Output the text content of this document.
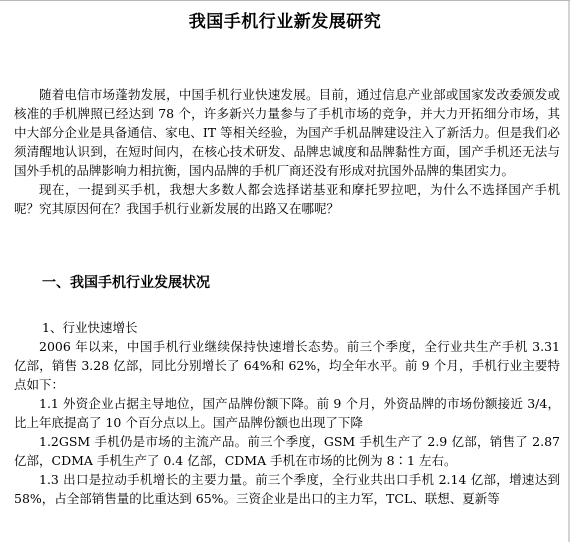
我国手机行业新发展研究

随着电信市场蓬勃发展，中国手机行业快速发展。目前，通过信息产业部或国家发改委颁发或核准的手机牌照已经达到 78 个，许多新兴力量参与了手机市场的竞争，并大力开拓细分市场，其中大部分企业是具备通信、家电、IT 等相关经验，为国产手机品牌建设注入了新活力。但是我们必须清醒地认识到，在短时间内，在核心技术研发、品牌忠诚度和品牌黏性方面，国产手机还无法与国外手机的品牌影响力相抗衡，国内品牌的手机厂商还没有形成对抗国外品牌的集团实力。

现在，一提到买手机，我想大多数人都会选择诺基亚和摩托罗拉吧，为什么不选择国产手机呢？究其原因何在？我国手机行业新发展的出路又在哪呢？

一、我国手机行业发展状况
1、行业快速增长

2006 年以来，中国手机行业继续保持快速增长态势。前三个季度，全行业共生产手机 3.31 亿部，销售 3.28 亿部，同比分别增长了 64%和 62%，均全年水平。前 9 个月，手机行业主要特点如下：

1.1 外资企业占据主导地位，国产品牌份额下降。前 9 个月，外资品牌的市场份额接近 3/4，比上年底提高了 10 个百分点以上。国产品牌份额也出现了下降

1.2GSM 手机仍是市场的主流产品。前三个季度，GSM 手机生产了 2.9 亿部，销售了 2.87 亿部，CDMA 手机生产了 0.4 亿部，CDMA 手机在市场的比例为 8∶1 左右。

1.3 出口是拉动手机增长的主要力量。前三个季度，全行业共出口手机 2.14 亿部，增速达到 58%，占全部销售量的比重达到 65%。三资企业是出口的主力军，TCL、联想、夏新等
